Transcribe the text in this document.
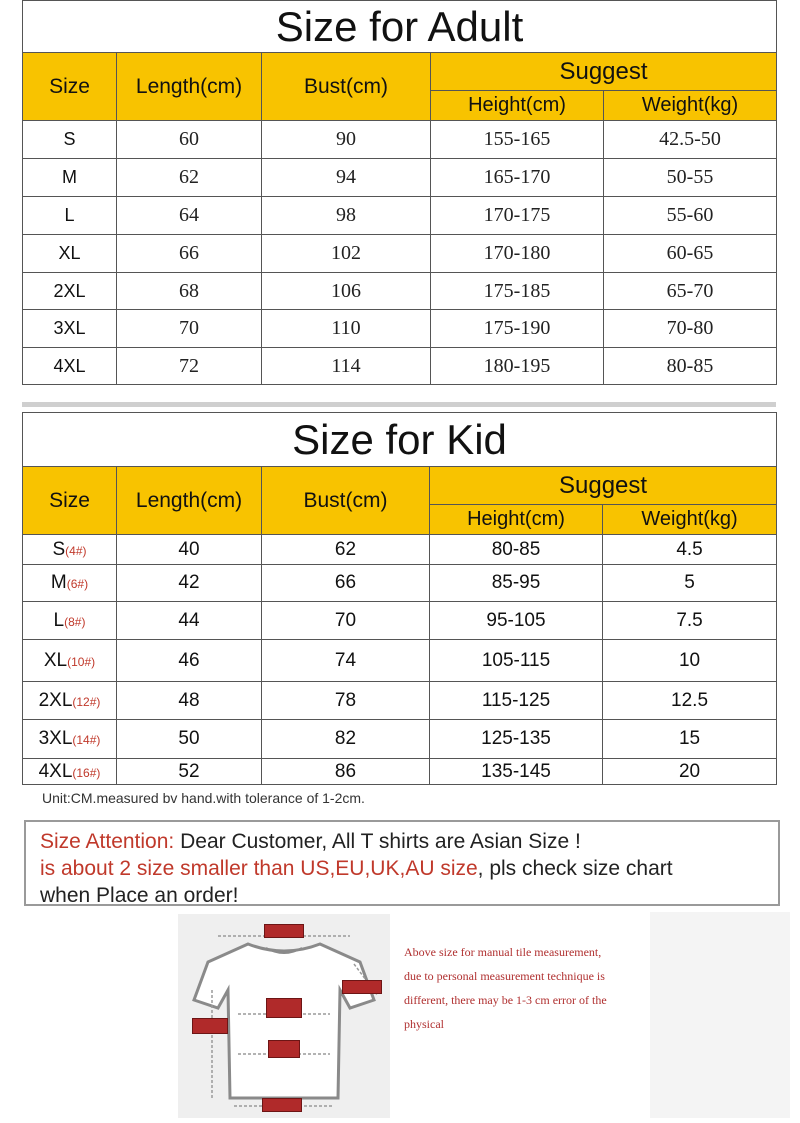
Size for Adult				
Size	Length(cm)	Bust(cm)	Suggest	
			Height(cm)	Weight(kg)
S	60	90	155-165	42.5-50
M	62	94	165-170	50-55
L	64	98	170-175	55-60
XL	66	102	170-180	60-65
2XL	68	106	175-185	65-70
3XL	70	110	175-190	70-80
4XL	72	114	180-195	80-85
Size for Kid				
Size	Length(cm)	Bust(cm)	Suggest	
			Height(cm)	Weight(kg)
S(4#)	40	62	80-85	4.5
M(6#)	42	66	85-95	5
L(8#)	44	70	95-105	7.5
XL(10#)	46	74	105-115	10
2XL(12#)	48	78	115-125	12.5
3XL(14#)	50	82	125-135	15
4XL(16#)	52	86	135-145	20
Unit:CM.measured bv hand.with tolerance of 1-2cm.
Size Attention: Dear Customer, All T shirts are Asian Size !
is about 2 size smaller than US,EU,UK,AU size, pls check size chart
when Place an order!
Above size for manual tile measurement,
due to personal measurement technique is
different, there may be 1-3 cm error of the
physical
